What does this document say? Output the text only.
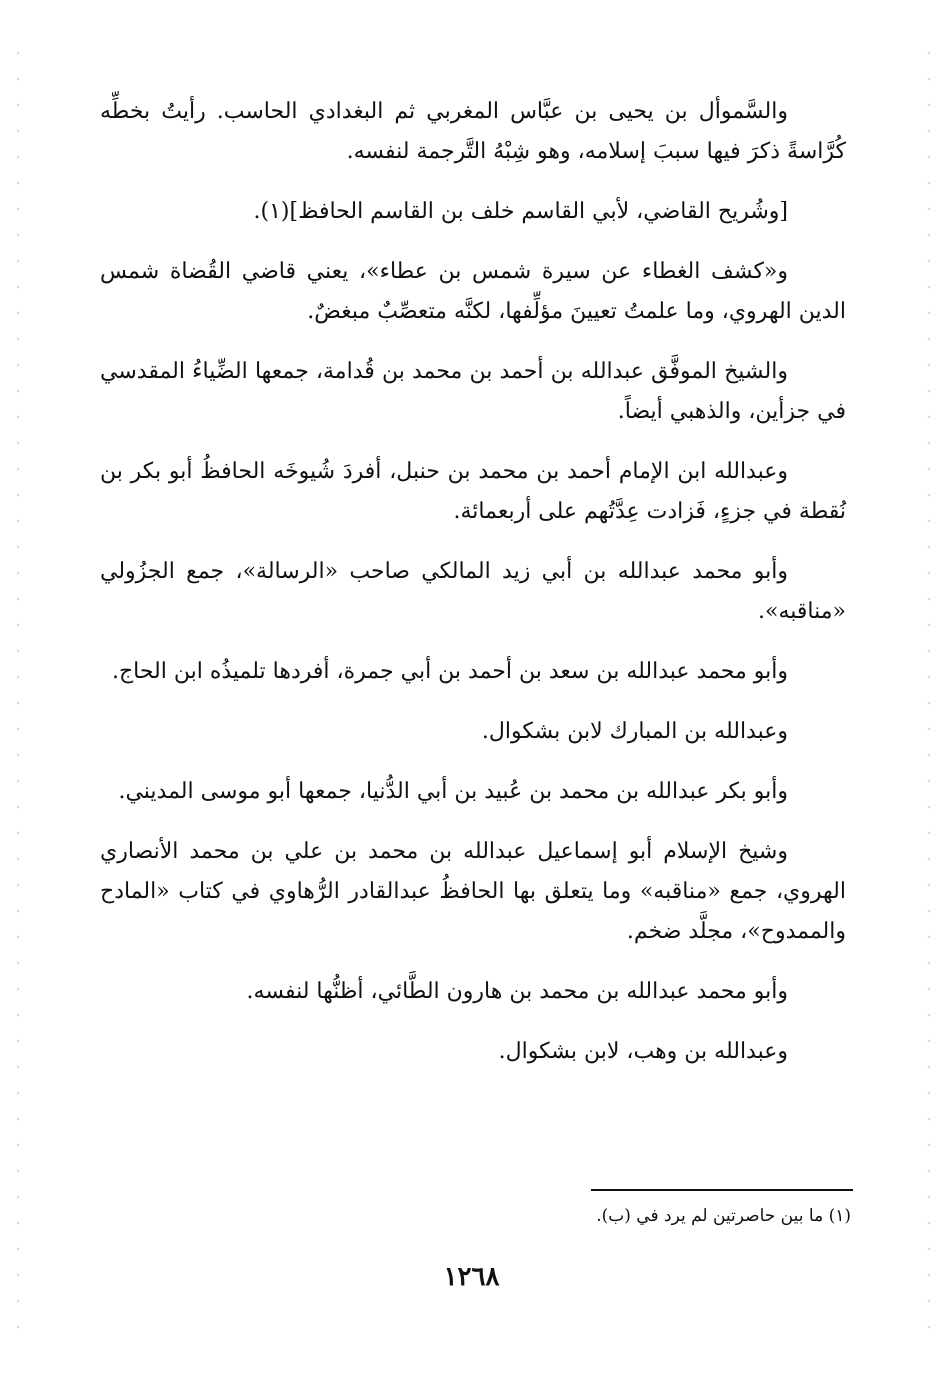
والسَّموأل بن يحيى بن عبَّاس المغربي ثم البغدادي الحاسب. رأيتُ بخطِّه كُرَّاسةً ذكرَ فيها سببَ إسلامه، وهو شِبْهُ التَّرجمة لنفسه.

[وشُريح القاضي، لأبي القاسم خلف بن القاسم الحافظ](١).

و«كشف الغطاء عن سيرة شمس بن عطاء»، يعني قاضي القُضاة شمس الدين الهروي، وما علمتُ تعيينَ مؤلِّفها، لكنَّه متعصِّبٌ مبغضٌ.

والشيخ الموفَّق عبدالله بن أحمد بن محمد بن قُدامة، جمعها الضِّياءُ المقدسي في جزأين، والذهبي أيضاً.

وعبدالله ابن الإمام أحمد بن محمد بن حنبل، أفردَ شُيوخَه الحافظُ أبو بكر بن نُقطة في جزءٍ، فَزادت عِدَّتُهم على أربعمائة.

وأبو محمد عبدالله بن أبي زيد المالكي صاحب «الرسالة»، جمع الجزُولي «مناقبه».

وأبو محمد عبدالله بن سعد بن أحمد بن أبي جمرة، أفردها تلميذُه ابن الحاج.

وعبدالله بن المبارك لابن بشكوال.

وأبو بكر عبدالله بن محمد بن عُبيد بن أبي الدُّنيا، جمعها أبو موسى المديني.

وشيخ الإسلام أبو إسماعيل عبدالله بن محمد بن علي بن محمد الأنصاري الهروي، جمع «مناقبه» وما يتعلق بها الحافظُ عبدالقادر الرُّهاوي في كتاب «المادح والممدوح»، مجلَّد ضخم.

وأبو محمد عبدالله بن محمد بن هارون الطَّائي، أظنُّها لنفسه.

وعبدالله بن وهب، لابن بشكوال.

(١) ما بين حاصرتين لم يرد في (ب).
١٢٦٨
